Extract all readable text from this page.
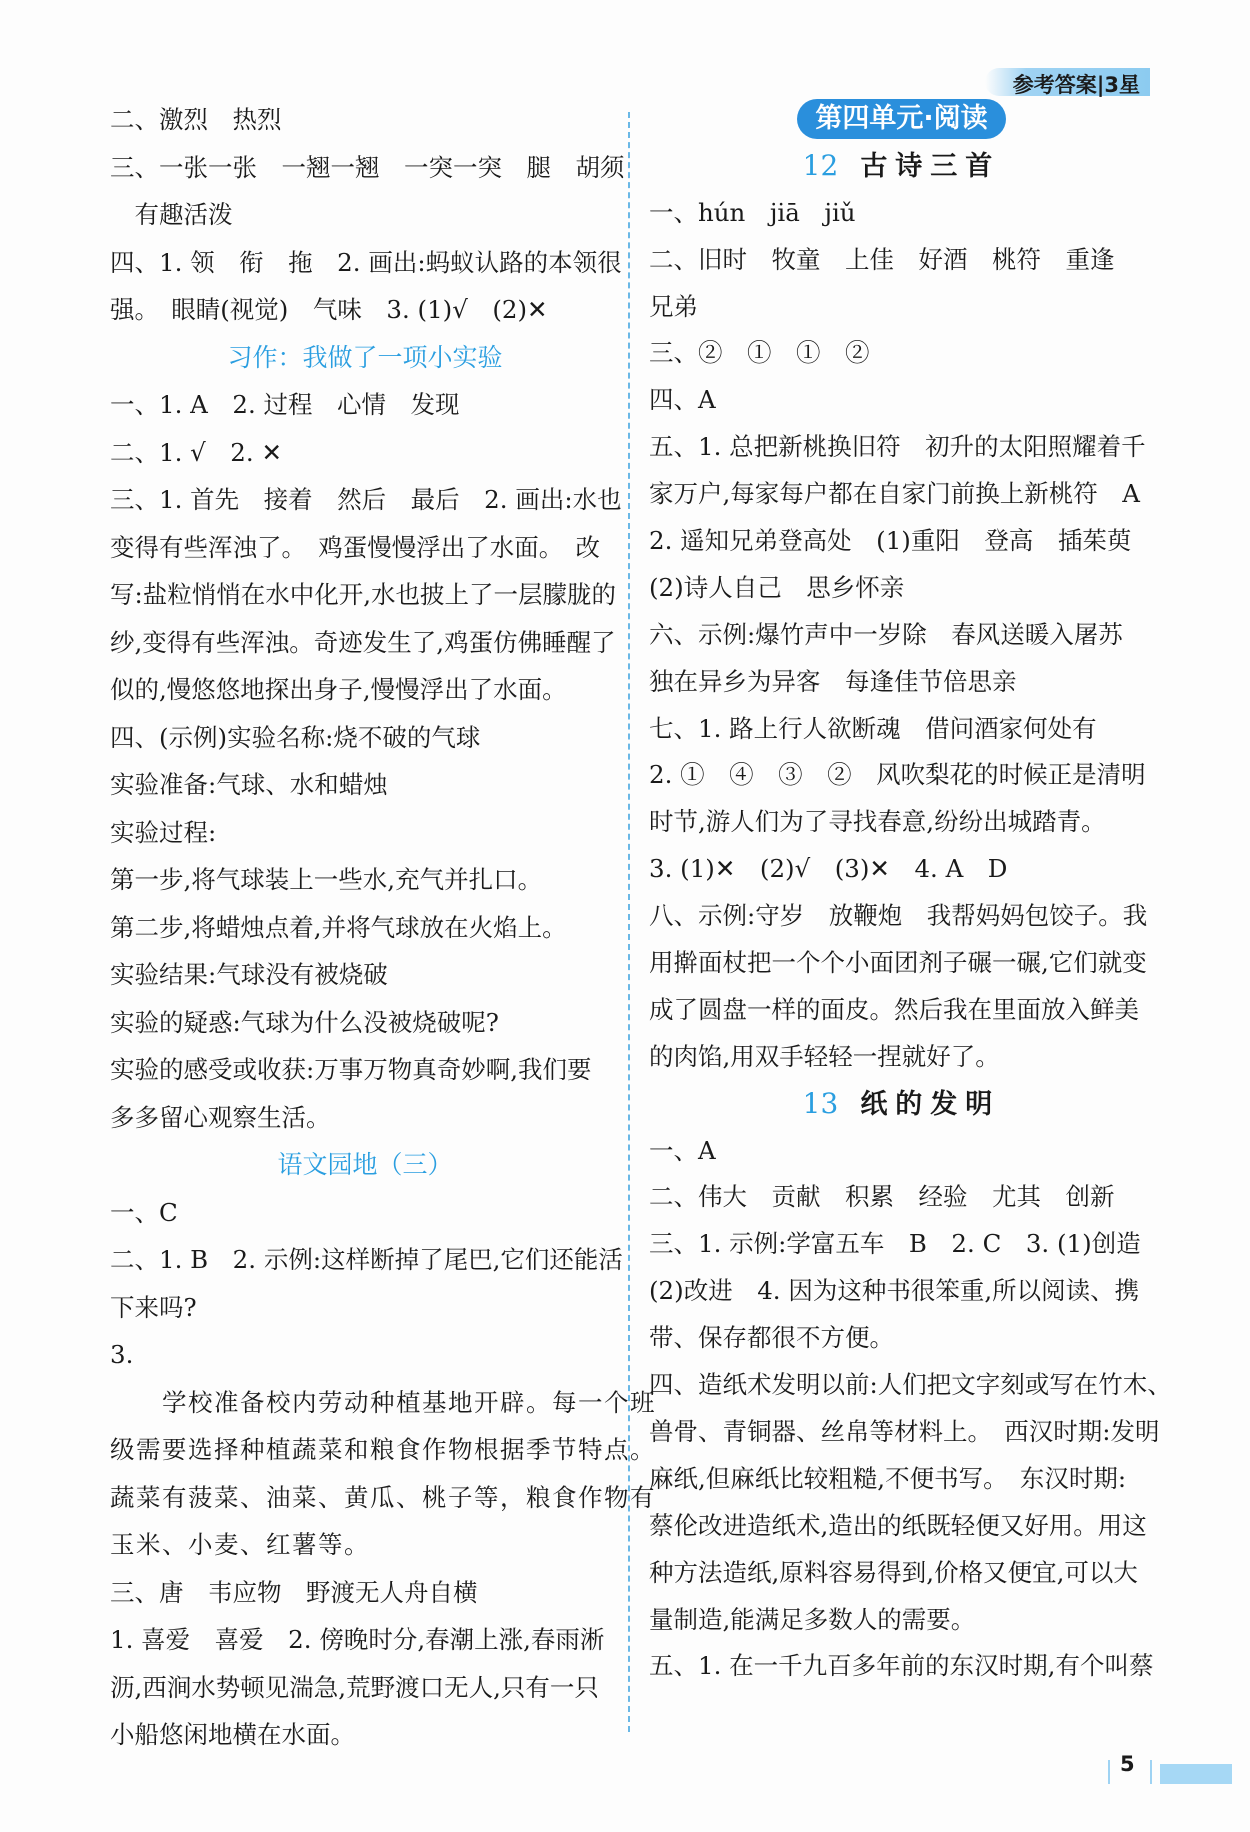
参考答案|3星
二、激烈　热烈
三、一张一张　一翘一翘　一突一突　腿　胡须
　有趣活泼
四、1. 领　衔　拖　2. 画出:蚂蚁认路的本领很
强。　眼睛(视觉)　气味　3. (1)√　(2)✕
习作：我做了一项小实验
一、1. A　2. 过程　心情　发现
二、1. √　2. ✕
三、1. 首先　接着　然后　最后　2. 画出:水也
变得有些浑浊了。　鸡蛋慢慢浮出了水面。　改
写:盐粒悄悄在水中化开,水也披上了一层朦胧的
纱,变得有些浑浊。奇迹发生了,鸡蛋仿佛睡醒了
似的,慢悠悠地探出身子,慢慢浮出了水面。
四、(示例)实验名称:烧不破的气球
实验准备:气球、水和蜡烛
实验过程:
第一步,将气球装上一些水,充气并扎口。
第二步,将蜡烛点着,并将气球放在火焰上。
实验结果:气球没有被烧破
实验的疑惑:气球为什么没被烧破呢?
实验的感受或收获:万事万物真奇妙啊,我们要
多多留心观察生活。
语文园地（三）
一、C
二、1. B　2. 示例:这样断掉了尾巴,它们还能活
下来吗?
3.
　　学校准备校内劳动种植基地开辟。每一个班
级需要选择种植蔬菜和粮食作物根据季节特点。
蔬菜有菠菜、油菜、黄瓜、桃子等，粮食作物有
玉米、小麦、红薯等。
三、唐　韦应物　野渡无人舟自横
1. 喜爱　喜爱　2. 傍晚时分,春潮上涨,春雨淅
沥,西涧水势顿见湍急,荒野渡口无人,只有一只
小船悠闲地横在水面。
第四单元·阅读
12 古诗三首
一、hún　jiā　jiǔ
二、旧时　牧童　上佳　好酒　桃符　重逢
兄弟
三、②　①　①　②
四、A
五、1. 总把新桃换旧符　初升的太阳照耀着千
家万户,每家每户都在自家门前换上新桃符　A
2. 遥知兄弟登高处　(1)重阳　登高　插茱萸
(2)诗人自己　思乡怀亲
六、示例:爆竹声中一岁除　春风送暖入屠苏
独在异乡为异客　每逢佳节倍思亲
七、1. 路上行人欲断魂　借问酒家何处有
2. ①　④　③　②　风吹梨花的时候正是清明
时节,游人们为了寻找春意,纷纷出城踏青。
3. (1)✕　(2)√　(3)✕　4. A　D
八、示例:守岁　放鞭炮　我帮妈妈包饺子。我
用擀面杖把一个个小面团剂子碾一碾,它们就变
成了圆盘一样的面皮。然后我在里面放入鲜美
的肉馅,用双手轻轻一捏就好了。
13 纸的发明
一、A
二、伟大　贡献　积累　经验　尤其　创新
三、1. 示例:学富五车　B　2. C　3. (1)创造
(2)改进　4. 因为这种书很笨重,所以阅读、携
带、保存都很不方便。
四、造纸术发明以前:人们把文字刻或写在竹木、
兽骨、青铜器、丝帛等材料上。　西汉时期:发明
麻纸,但麻纸比较粗糙,不便书写。　东汉时期:
蔡伦改进造纸术,造出的纸既轻便又好用。用这
种方法造纸,原料容易得到,价格又便宜,可以大
量制造,能满足多数人的需要。
五、1. 在一千九百多年前的东汉时期,有个叫蔡
5
